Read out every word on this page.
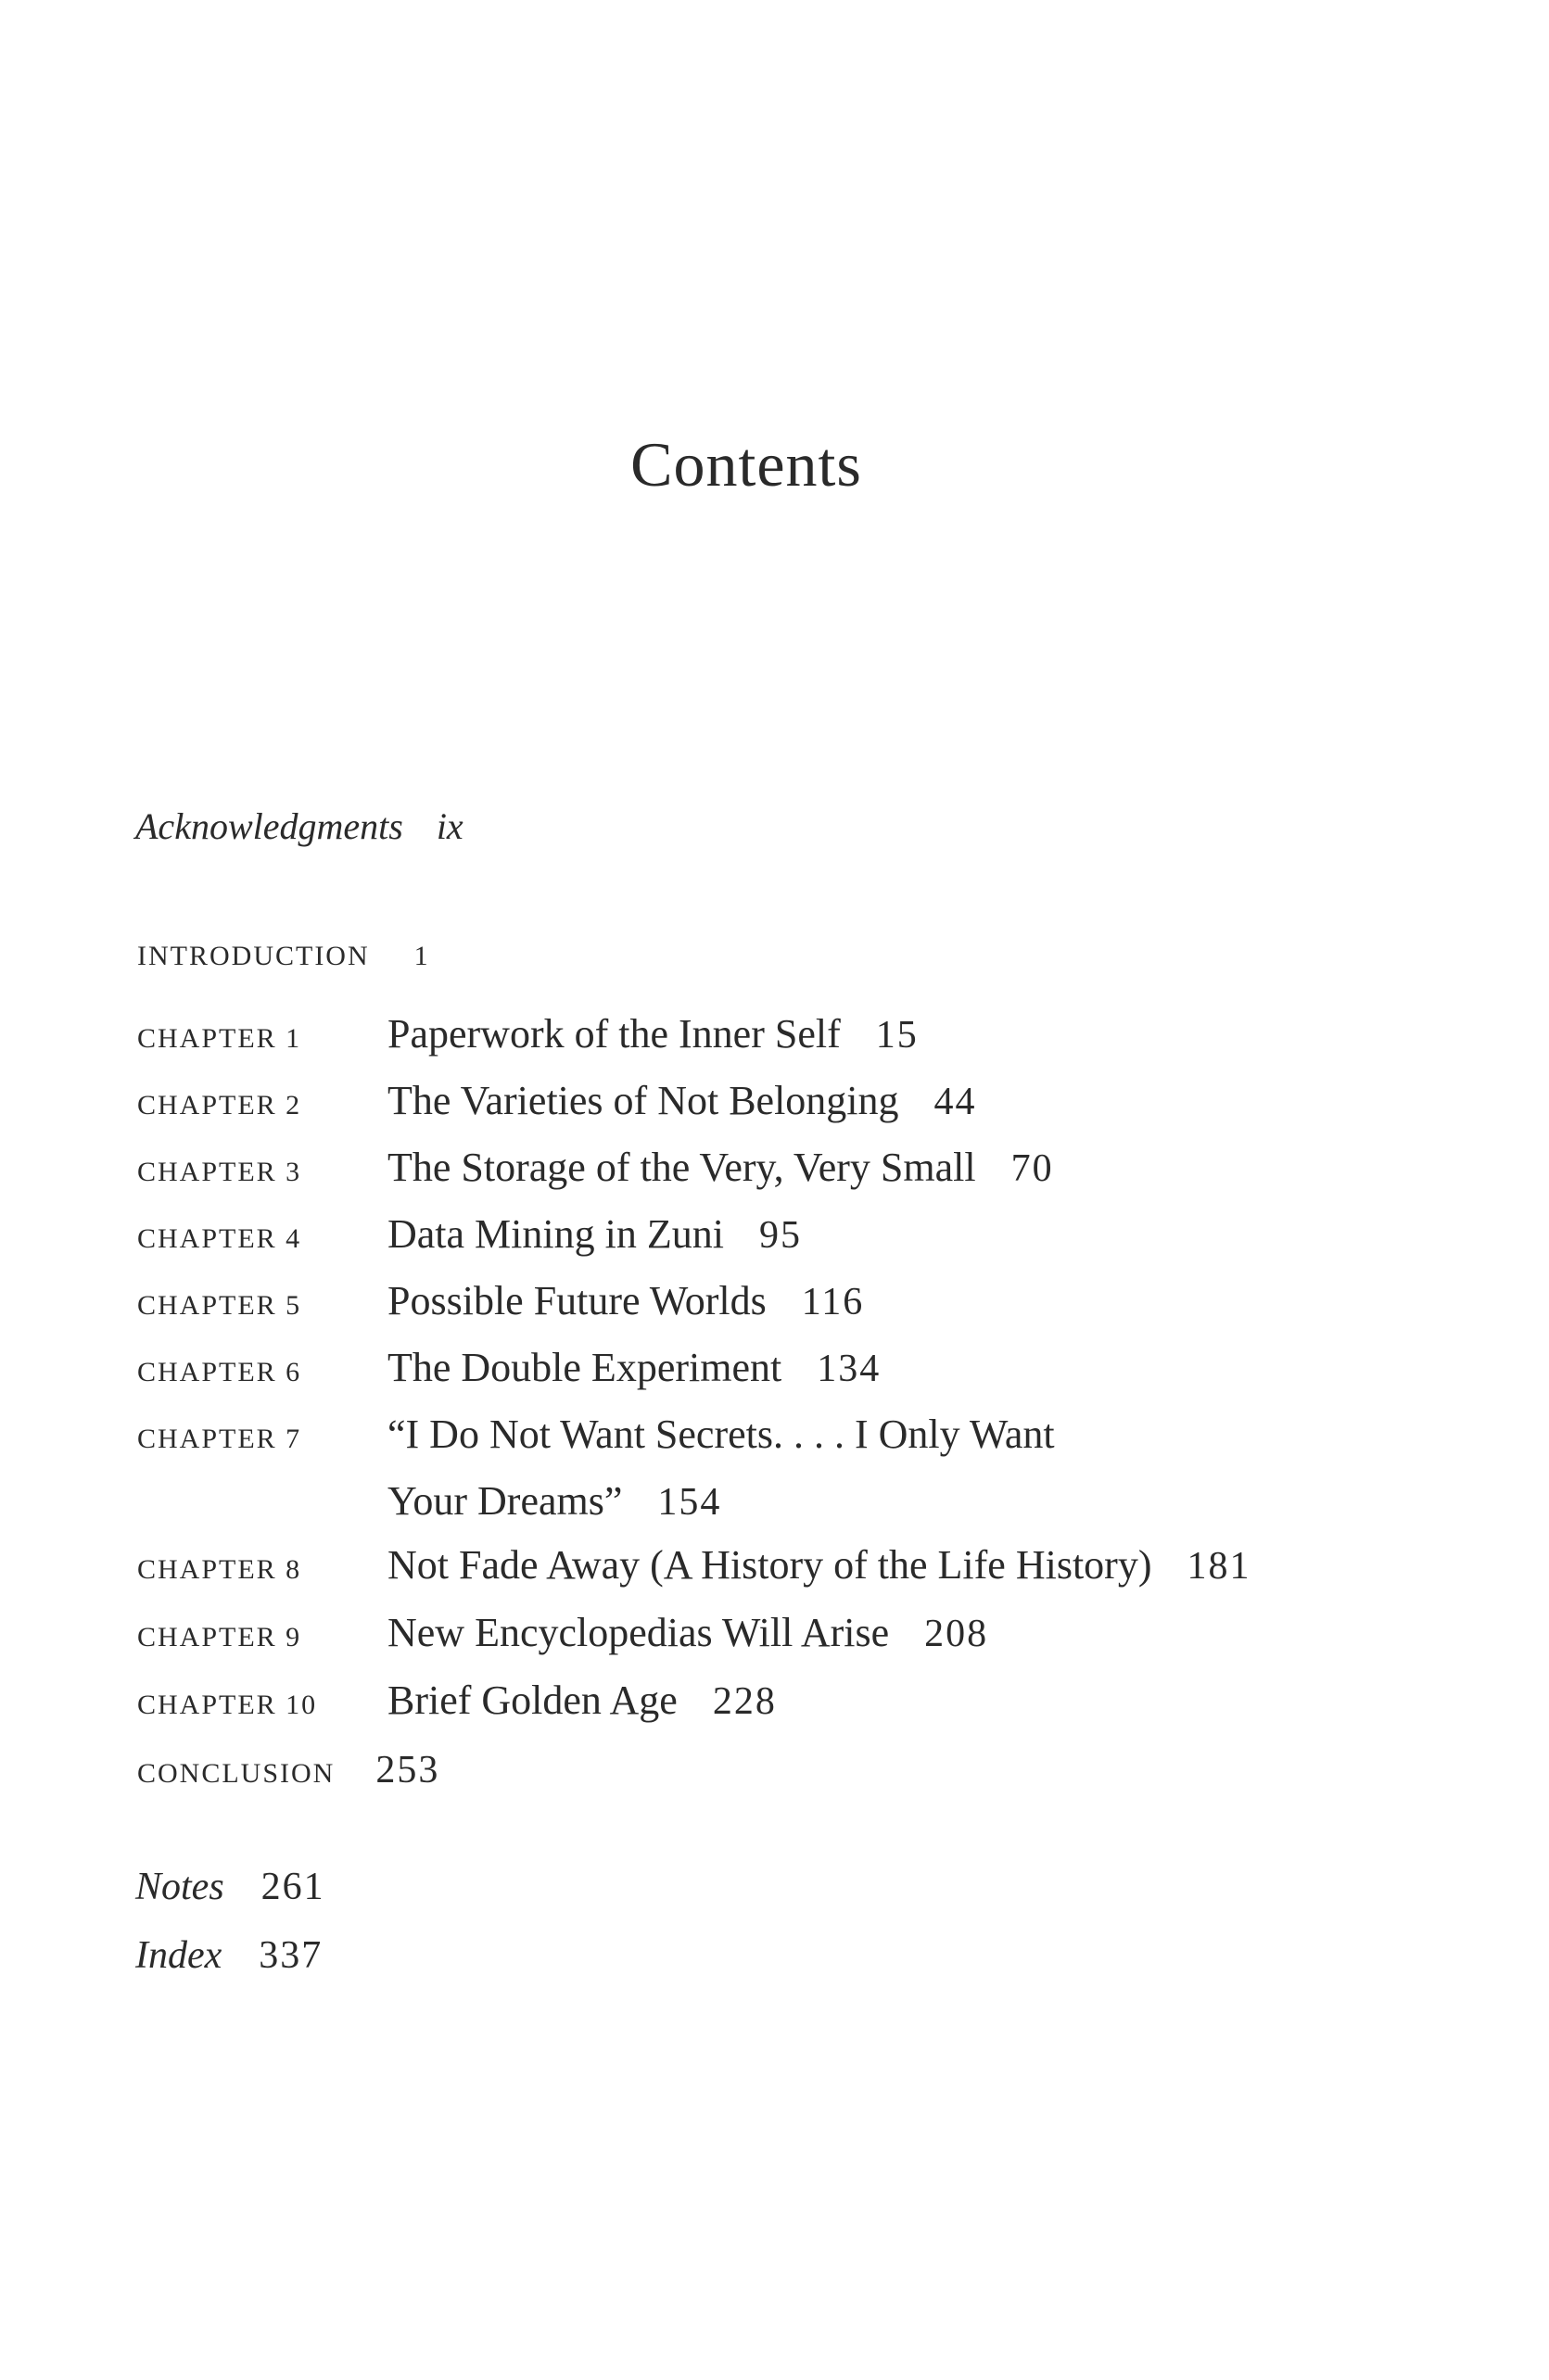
Contents
Acknowledgments ix
INTRODUCTION 1
CHAPTER 1 Paperwork of the Inner Self 15
CHAPTER 2 The Varieties of Not Belonging 44
CHAPTER 3 The Storage of the Very, Very Small 70
CHAPTER 4 Data Mining in Zuni 95
CHAPTER 5 Possible Future Worlds 116
CHAPTER 6 The Double Experiment 134
CHAPTER 7 “I Do Not Want Secrets. . . . I Only Want
Your Dreams” 154
CHAPTER 8 Not Fade Away (A History of the Life History) 181
CHAPTER 9 New Encyclopedias Will Arise 208
CHAPTER 10 Brief Golden Age 228
CONCLUSION 253
Notes 261
Index 337
